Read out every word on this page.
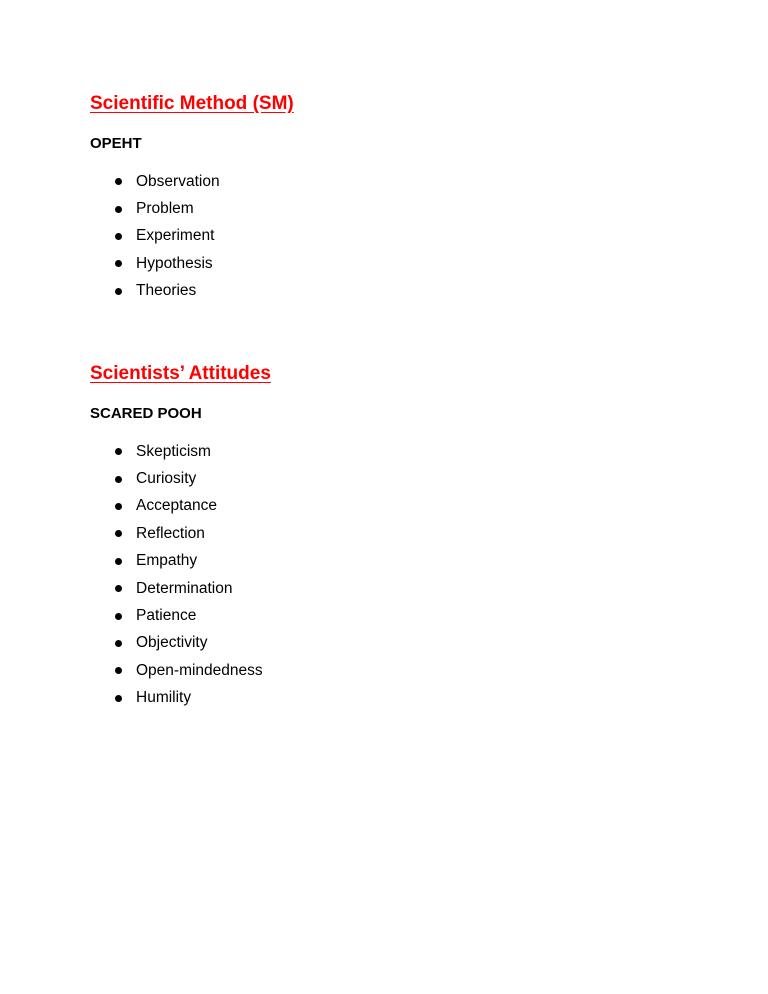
Scientific Method (SM)
OPEHT
Observation
Problem
Experiment
Hypothesis
Theories
Scientists’ Attitudes
SCARED POOH
Skepticism
Curiosity
Acceptance
Reflection
Empathy
Determination
Patience
Objectivity
Open-mindedness
Humility
